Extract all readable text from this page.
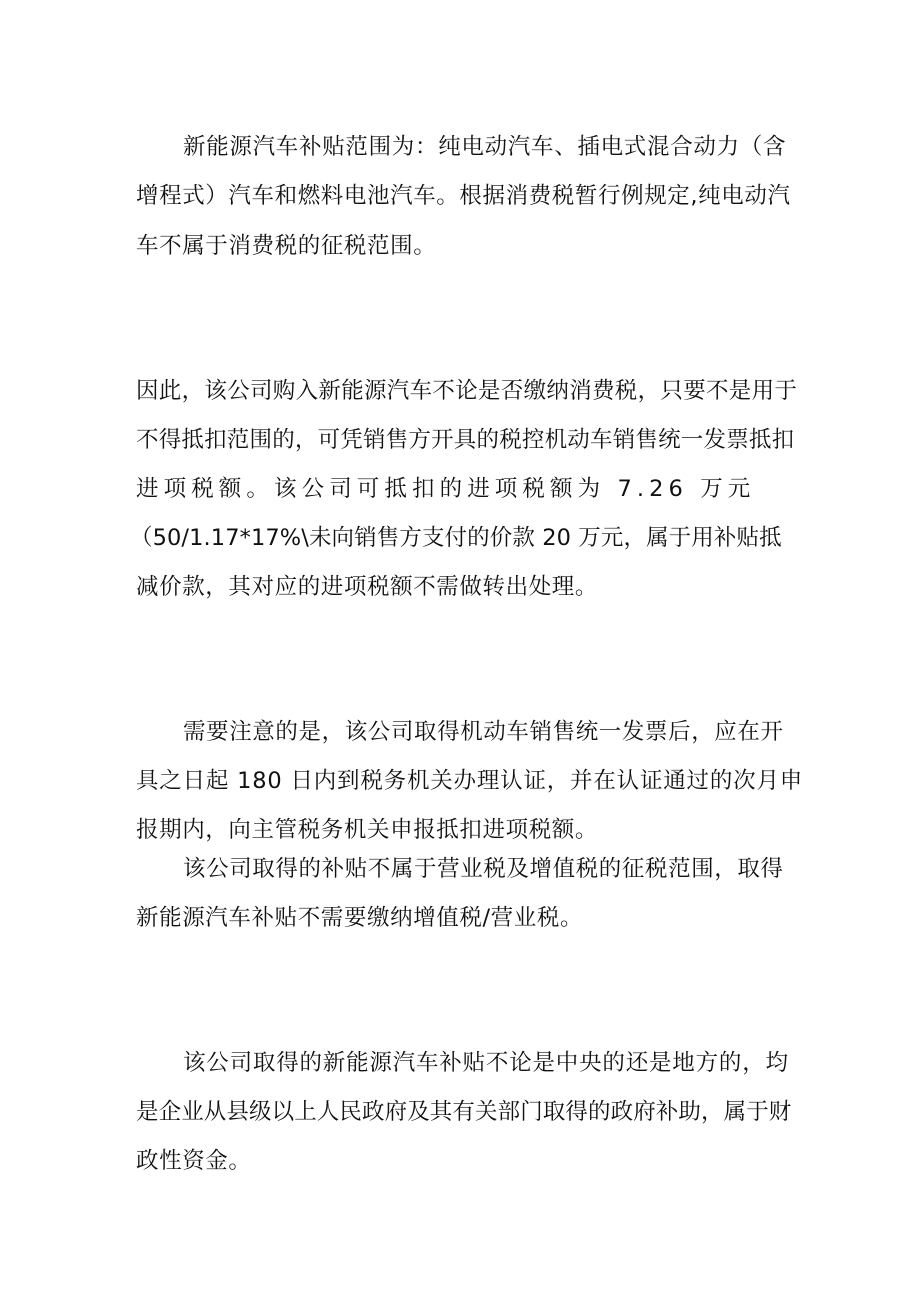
新能源汽车补贴范围为：纯电动汽车、插电式混合动力（含

增程式）汽车和燃料电池汽车。根据消费税暂行例规定,纯电动汽

车不属于消费税的征税范围。

因此，该公司购入新能源汽车不论是否缴纳消费税，只要不是用于

不得抵扣范围的，可凭销售方开具的税控机动车销售统一发票抵扣

进项税额。该公司可抵扣的进项税额为 7.26 万元

（50/1.17*17%\未向销售方支付的价款 20 万元，属于用补贴抵

减价款，其对应的进项税额不需做转出处理。

需要注意的是，该公司取得机动车销售统一发票后，应在开

具之日起 180 日内到税务机关办理认证，并在认证通过的次月申

报期内，向主管税务机关申报抵扣进项税额。

该公司取得的补贴不属于营业税及增值税的征税范围，取得

新能源汽车补贴不需要缴纳增值税/营业税。

该公司取得的新能源汽车补贴不论是中央的还是地方的，均

是企业从县级以上人民政府及其有关部门取得的政府补助，属于财

政性资金。
